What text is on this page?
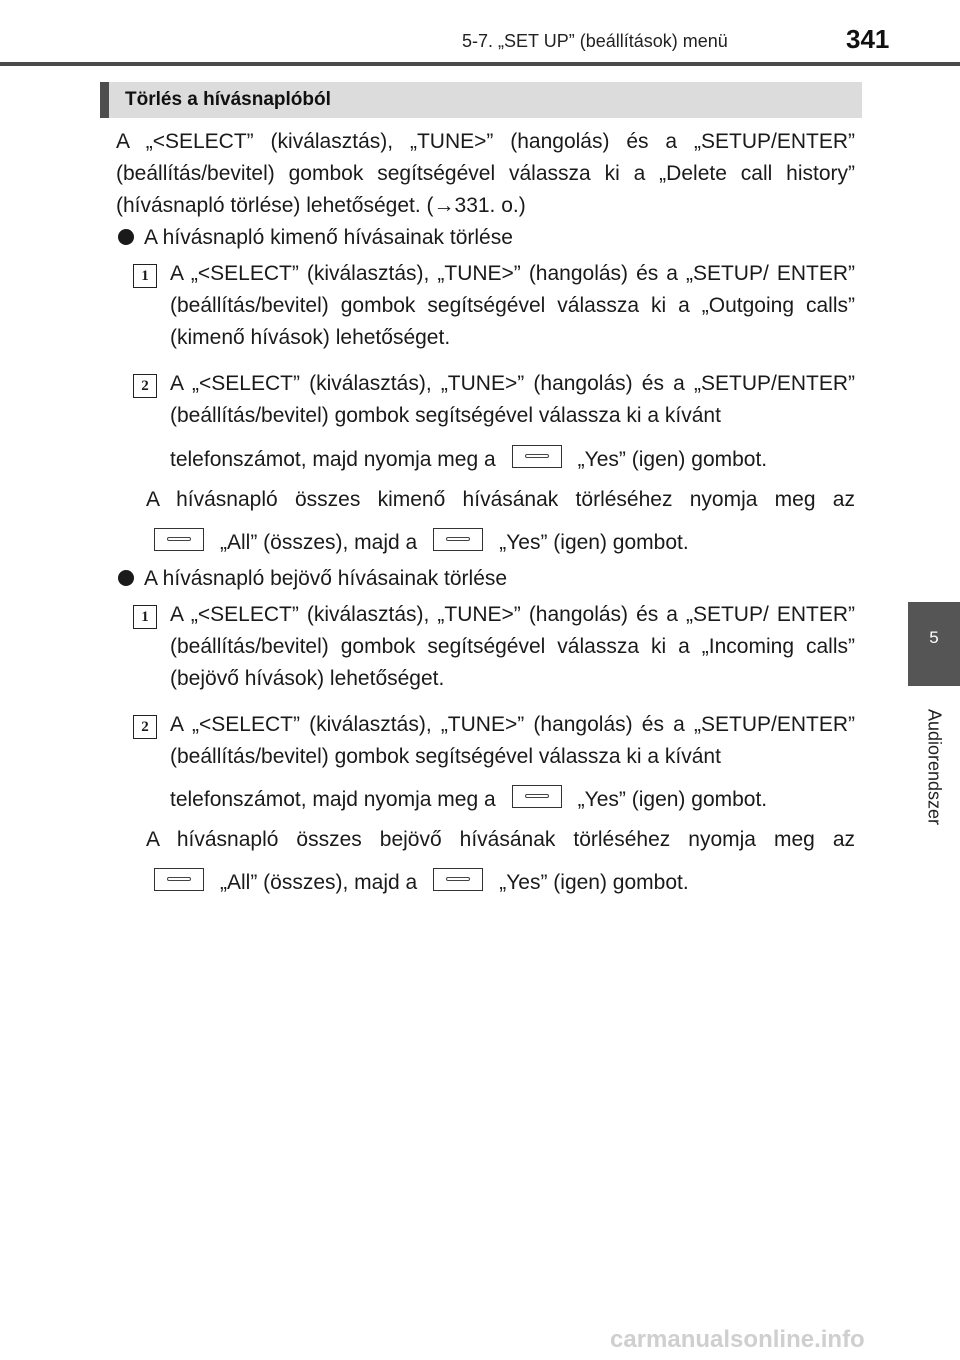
5-7. „SET UP” (beállítások) menü	341
5
Audiorendszer
Törlés a hívásnaplóból
A „<SELECT” (kiválasztás), „TUNE>” (hangolás) és a „SETUP/ENTER” (beállítás/bevitel) gombok segítségével válassza ki a „Delete call history” (hívásnapló törlése) lehetőséget. (→331. o.)
A hívásnapló kimenő hívásainak törlése
1	A „<SELECT” (kiválasztás), „TUNE>” (hangolás) és a „SETUP/ ENTER” (beállítás/bevitel) gombok segítségével válassza ki a „Outgoing calls” (kimenő hívások) lehetőséget.
2	A „<SELECT” (kiválasztás), „TUNE>” (hangolás) és a „SETUP/ENTER” (beállítás/bevitel) gombok segítségével válassza ki a kívánt
telefonszámot, majd nyomja meg a	„Yes” (igen) gombot.
A hívásnapló összes kimenő hívásának törléséhez nyomja meg az
„All” (összes), majd a	„Yes” (igen) gombot.
A hívásnapló bejövő hívásainak törlése
1	A „<SELECT” (kiválasztás), „TUNE>” (hangolás) és a „SETUP/ ENTER” (beállítás/bevitel) gombok segítségével válassza ki a „Incoming calls” (bejövő hívások) lehetőséget.
2	A „<SELECT” (kiválasztás), „TUNE>” (hangolás) és a „SETUP/ENTER” (beállítás/bevitel) gombok segítségével válassza ki a kívánt
telefonszámot, majd nyomja meg a	„Yes” (igen) gombot.
A hívásnapló összes bejövő hívásának törléséhez nyomja meg az
„All” (összes), majd a	„Yes” (igen) gombot.
carmanualsonline.info
